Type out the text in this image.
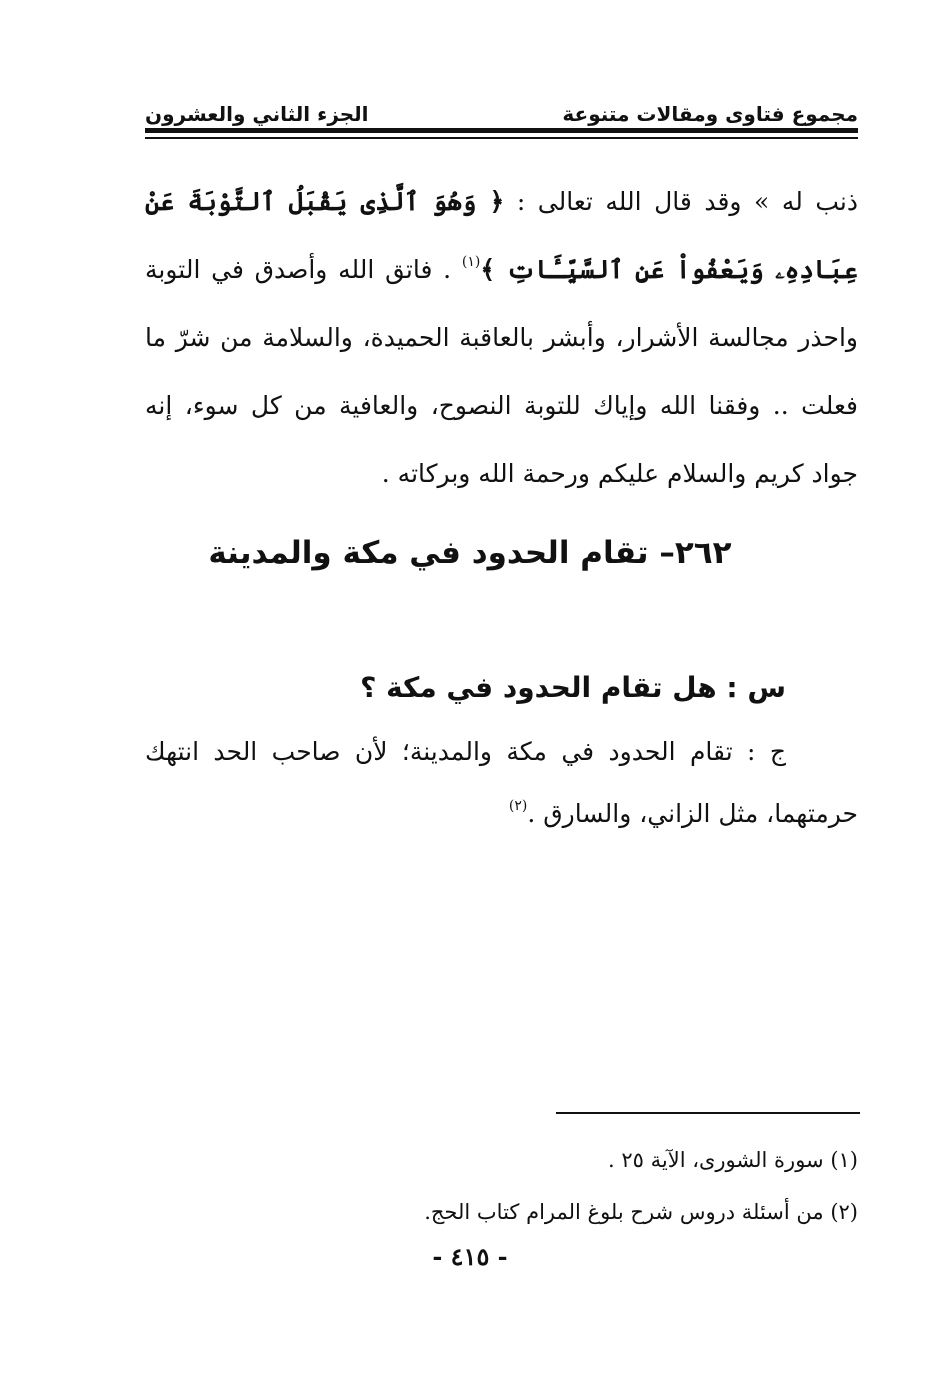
الجزء الثاني والعشرون	مجموع فتاوى ومقالات متنوعة

ذنب له » وقد قال الله تعالى : ﴿ وَهُوَ ٱلَّذِى يَقْبَلُ ٱلتَّوْبَةَ عَنْ عِبَادِهِۦ وَيَعْفُواْ عَنِ ٱلسَّيِّـَٔاتِ ﴾$^{(١)}$ . فاتق الله وأصدق في التوبة واحذر مجالسة الأشرار، وأبشر بالعاقبة الحميدة، والسلامة من شرّ ما فعلت .. وفقنا الله وإياك للتوبة النصوح، والعافية من كل سوء، إنه جواد كريم والسلام عليكم ورحمة الله وبركاته .

٢٦٢– تقام الحدود في مكة والمدينة

س : هل تقام الحدود في مكة ؟

ج : تقام الحدود في مكة والمدينة؛ لأن صاحب الحد انتهك حرمتهما، مثل الزاني، والسارق .$^{(٢)}$

(١) سورة الشورى، الآية ٢٥ .

(٢) من أسئلة دروس شرح بلوغ المرام كتاب الحج.

- ٤١٥ -
